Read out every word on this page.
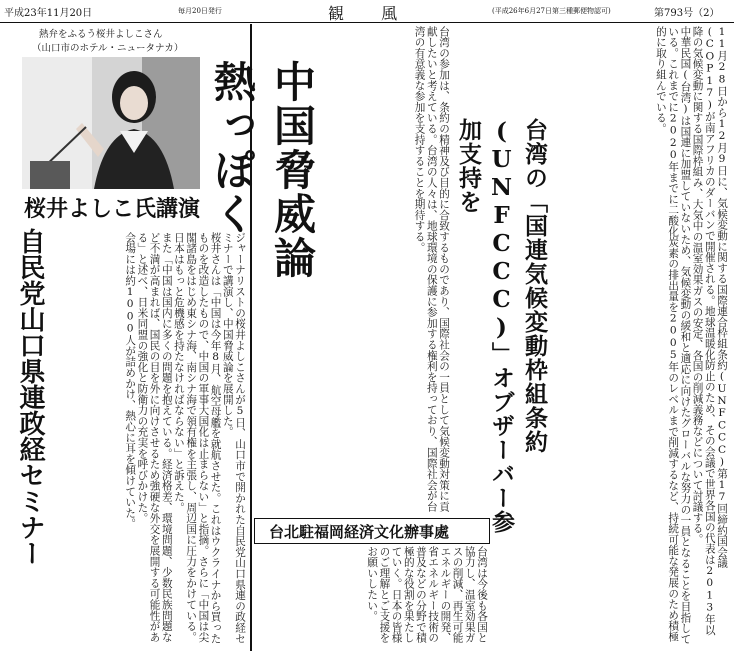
平成23年11月20日	毎月20日発行	観 風	(平成26年6月27日第三種郵便物認可)	第793号（2）
熱弁をふるう桜井よしこさん
（山口市のホテル・ニュータナカ）
中国脅威論熱っぽく
桜井よしこ氏講演
自民党山口県連政経セミナー	ジャーナリストの桜井よしこさんが5日、山口市で開かれた自民党山口県連の政経セミナーで講演し、中国脅威論を展開した。

桜井さんは「中国は今年8月、航空母艦を就航させた。これはウクライナから買ったものを改造したもので、中国の軍事大国化は止まらない」と指摘。さらに「中国は尖閣諸島をはじめ東シナ海、南シナ海で領有権を主張し、周辺国に圧力をかけている。日本はもっと危機感を持たなければならない」と訴えた。

また「中国は国内に多くの問題を抱えている。経済格差、環境問題、少数民族問題など不満が高まれば、国民の目を外に向けさせるため強硬な外交を展開する可能性がある」と述べ、日米同盟の強化と防衛力の充実を呼びかけた。

会場には約1000人が詰めかけ、熱心に耳を傾けていた。	台湾の「国連気候変動枠組条約(UNFCCC)」オブザーバー参加支持を
台北駐福岡経済文化辦事處	11月28日から12月9日に、気候変動に関する国際連合枠組条約(UNFCCC)第17回締約国会議(COP17)が南アフリカのダーバンで開催される。地球温暖化防止のため、その会議で世界各国の代表は2013年以降の気候変動に関する国際枠組み、大気中の温室効果ガスの安定、各国の削減義務などについて討議する。

中華民国(台湾)は国連に加盟していないため、気候変動の緩和と適応に向けたグローバルな努力の一員となることを目指している。これまでに2020年までに二酸化炭素の排出量を2005年のレベルまで削減するなど、持続可能な発展のため積極的に取り組んでいる。

台湾の参加は、条約の精神及び目的に合致するものであり、国際社会の一員として気候変動対策に貢献したいと考えている。台湾の人々は、地球環境の保護に参加する権利を持っており、国際社会が台湾の有意義な参加を支持することを期待する。

台湾は今後も各国と協力し、温室効果ガスの削減、再生可能エネルギーの開発、省エネルギー技術の普及などの分野で積極的な役割を果たしていく。日本の皆様のご理解とご支援をお願いしたい。
